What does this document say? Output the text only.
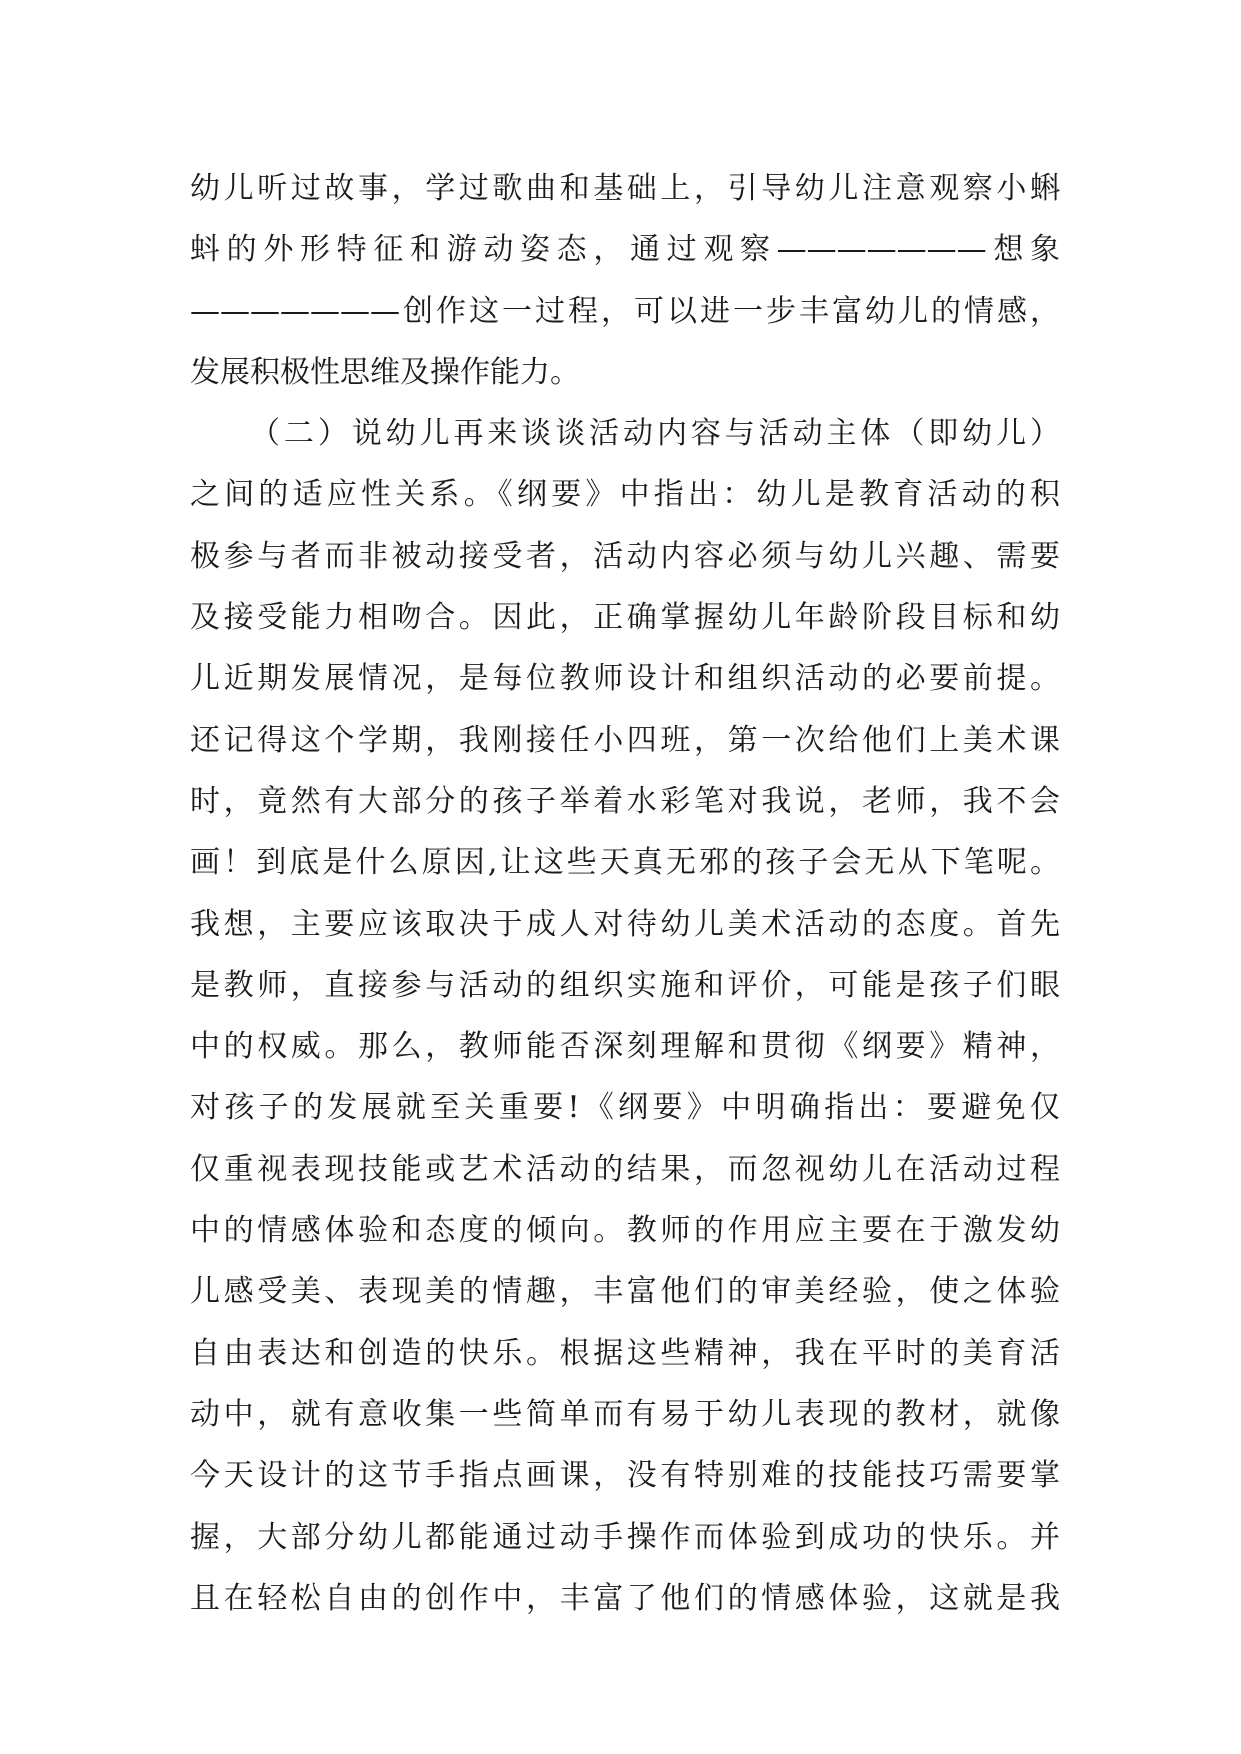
幼儿听过故事，学过歌曲和基础上，引导幼儿注意观察小蝌
蚪的外形特征和游动姿态，通过观察———————想象
———————创作这一过程，可以进一步丰富幼儿的情感，
发展积极性思维及操作能力。
（二）说幼儿再来谈谈活动内容与活动主体（即幼儿）
之间的适应性关系。《纲要》中指出：幼儿是教育活动的积
极参与者而非被动接受者，活动内容必须与幼儿兴趣、需要
及接受能力相吻合。因此，正确掌握幼儿年龄阶段目标和幼
儿近期发展情况，是每位教师设计和组织活动的必要前提。
还记得这个学期，我刚接任小四班，第一次给他们上美术课
时，竟然有大部分的孩子举着水彩笔对我说，老师，我不会
画！到底是什么原因,让这些天真无邪的孩子会无从下笔呢。
我想，主要应该取决于成人对待幼儿美术活动的态度。首先
是教师，直接参与活动的组织实施和评价，可能是孩子们眼
中的权威。那么，教师能否深刻理解和贯彻《纲要》精神，
对孩子的发展就至关重要!《纲要》中明确指出：要避免仅
仅重视表现技能或艺术活动的结果，而忽视幼儿在活动过程
中的情感体验和态度的倾向。教师的作用应主要在于激发幼
儿感受美、表现美的情趣，丰富他们的审美经验，使之体验
自由表达和创造的快乐。根据这些精神，我在平时的美育活
动中，就有意收集一些简单而有易于幼儿表现的教材，就像
今天设计的这节手指点画课，没有特别难的技能技巧需要掌
握，大部分幼儿都能通过动手操作而体验到成功的快乐。并
且在轻松自由的创作中，丰富了他们的情感体验，这就是我
